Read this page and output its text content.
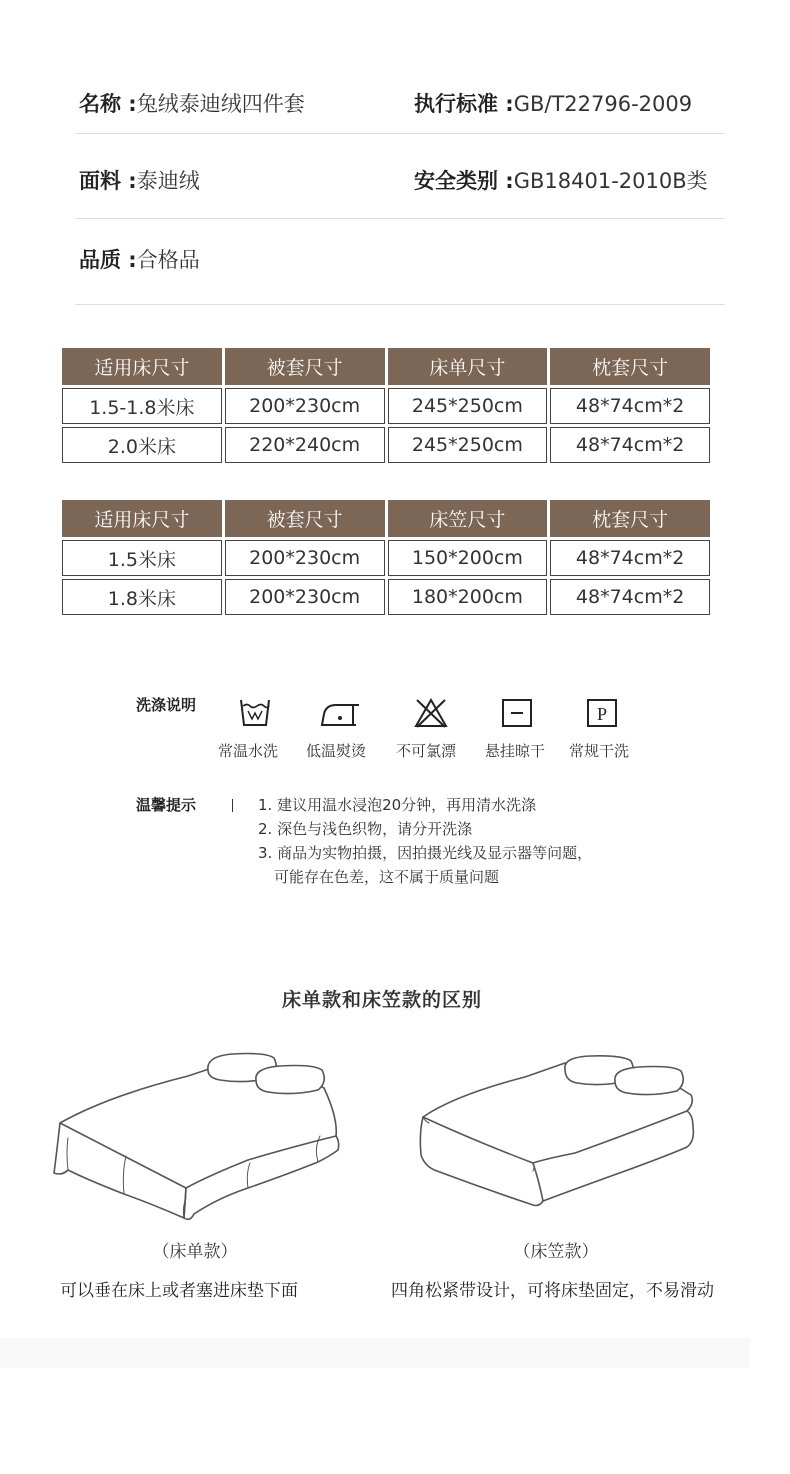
名称 :兔绒泰迪绒四件套	执行标准 :GB/T22796-2009
面料 :泰迪绒	安全类别 :GB18401-2010B类
品质 :合格品
适用床尺寸	被套尺寸	床单尺寸	枕套尺寸
1.5-1.8米床	200*230cm	245*250cm	48*74cm*2
2.0米床	220*240cm	245*250cm	48*74cm*2
适用床尺寸	被套尺寸	床笠尺寸	枕套尺寸
1.5米床	200*230cm	150*200cm	48*74cm*2
1.8米床	200*230cm	180*200cm	48*74cm*2
洗涤说明	P
常温水洗 低温熨烫 不可氯漂 悬挂晾干 常规干洗
温馨提示	1. 建议用温水浸泡20分钟，再用清水洗涤
2. 深色与浅色织物，请分开洗涤
3. 商品为实物拍摄，因拍摄光线及显示器等问题，
可能存在色差，这不属于质量问题
床单款和床笠款的区别
（床单款）	（床笠款）
可以垂在床上或者塞进床垫下面	四角松紧带设计，可将床垫固定，不易滑动
